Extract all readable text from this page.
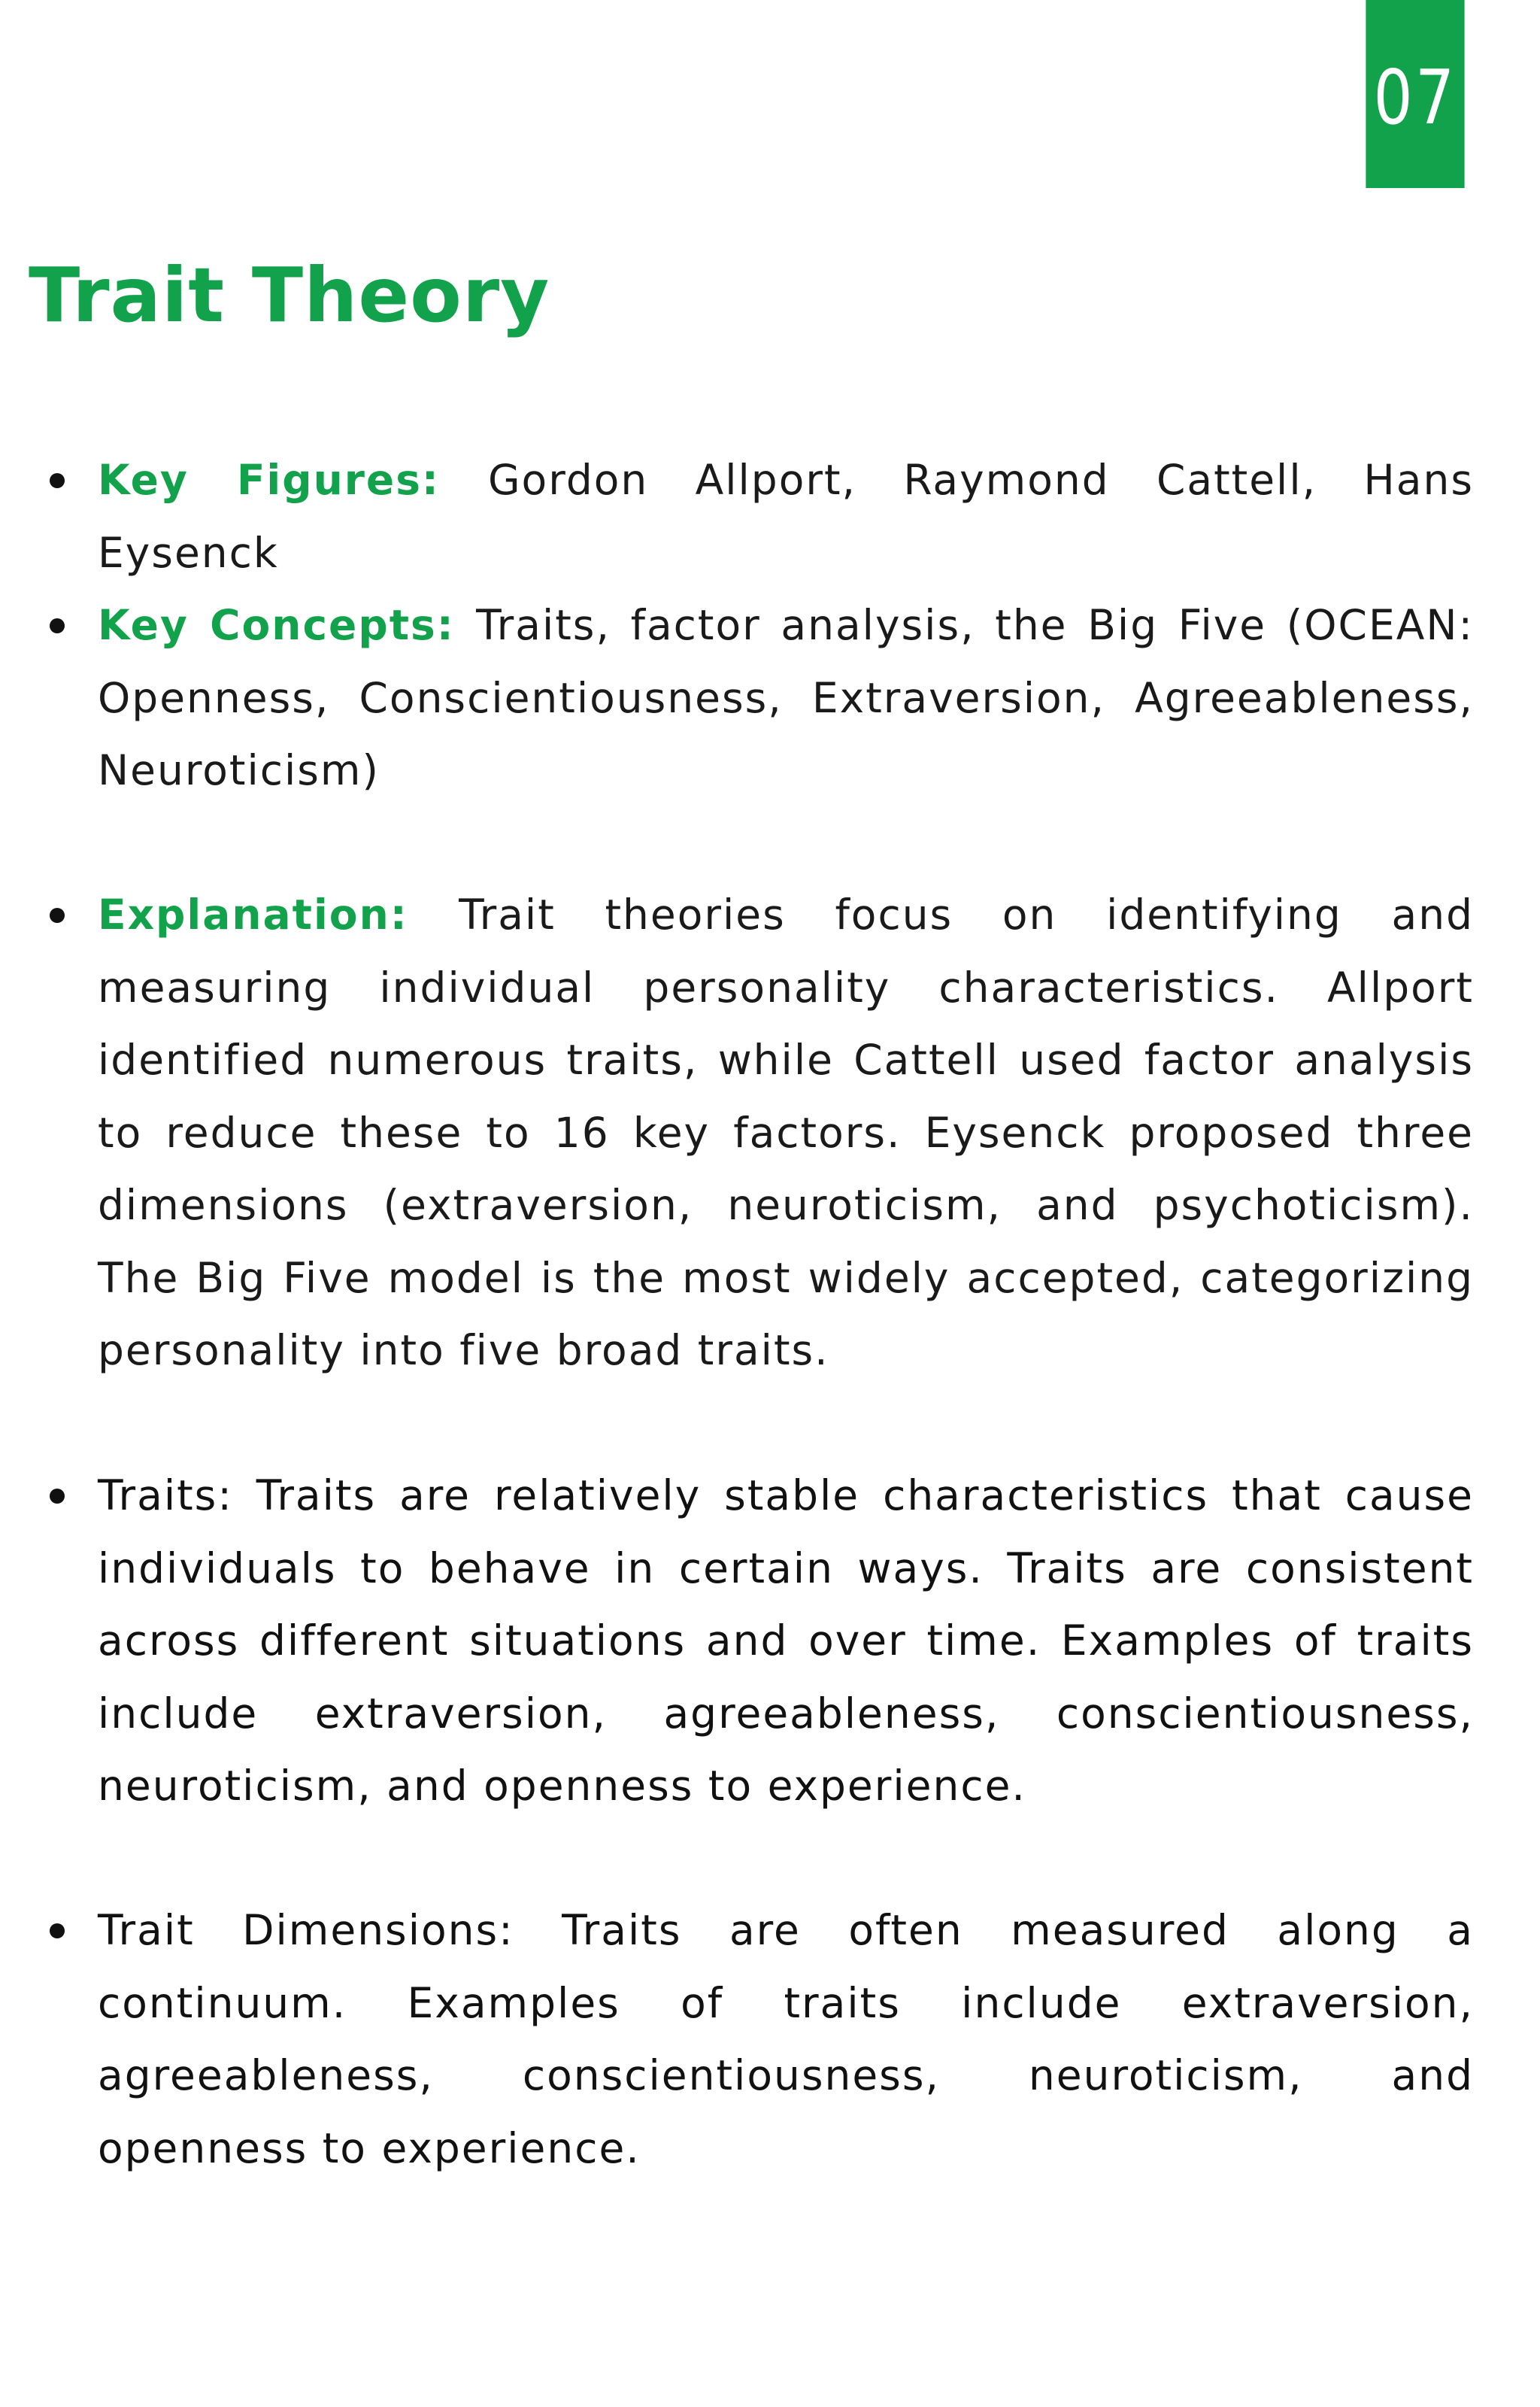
07
Trait Theory
Key Figures: Gordon Allport, Raymond Cattell, Hans Eysenck
Key Concepts: Traits, factor analysis, the Big Five (OCEAN: Openness, Conscientiousness, Extraversion, Agreeableness, Neuroticism)
Explanation: Trait theories focus on identifying and measuring individual personality characteristics. Allport identified numerous traits, while Cattell used factor analysis to reduce these to 16 key factors. Eysenck proposed three dimensions (extraversion, neuroticism, and psychoticism). The Big Five model is the most widely accepted, categorizing personality into five broad traits.
Traits: Traits are relatively stable characteristics that cause individuals to behave in certain ways. Traits are consistent across different situations and over time. Examples of traits include extraversion, agreeableness, conscientiousness, neuroticism, and openness to experience.
Trait Dimensions: Traits are often measured along a continuum. Examples of traits include extraversion, agreeableness, conscientiousness, neuroticism, and openness to experience.
